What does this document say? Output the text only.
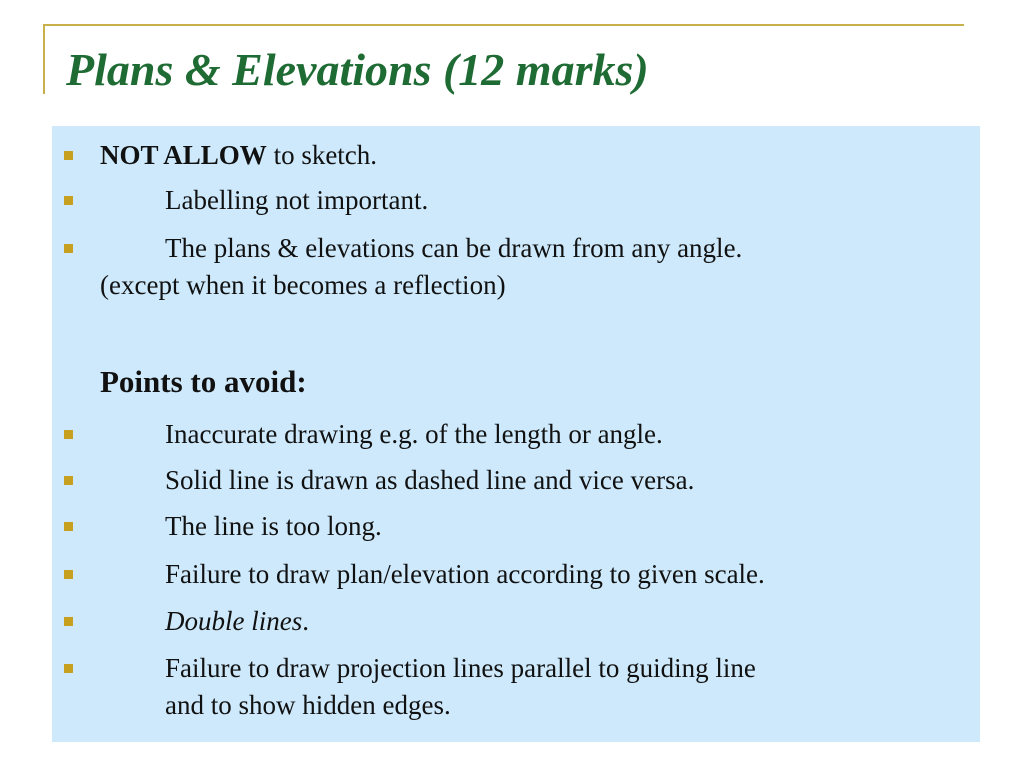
Plans & Elevations (12 marks)
NOT ALLOW to sketch.
Labelling not important.
The plans & elevations can be drawn from any angle.
(except when it becomes a reflection)
Points to avoid:
Inaccurate drawing e.g. of the length or angle.
Solid line is drawn as dashed line and vice versa.
The line is too long.
Failure to draw plan/elevation according to given scale.
Double lines.
Failure to draw projection lines parallel to guiding line
and to show hidden edges.
